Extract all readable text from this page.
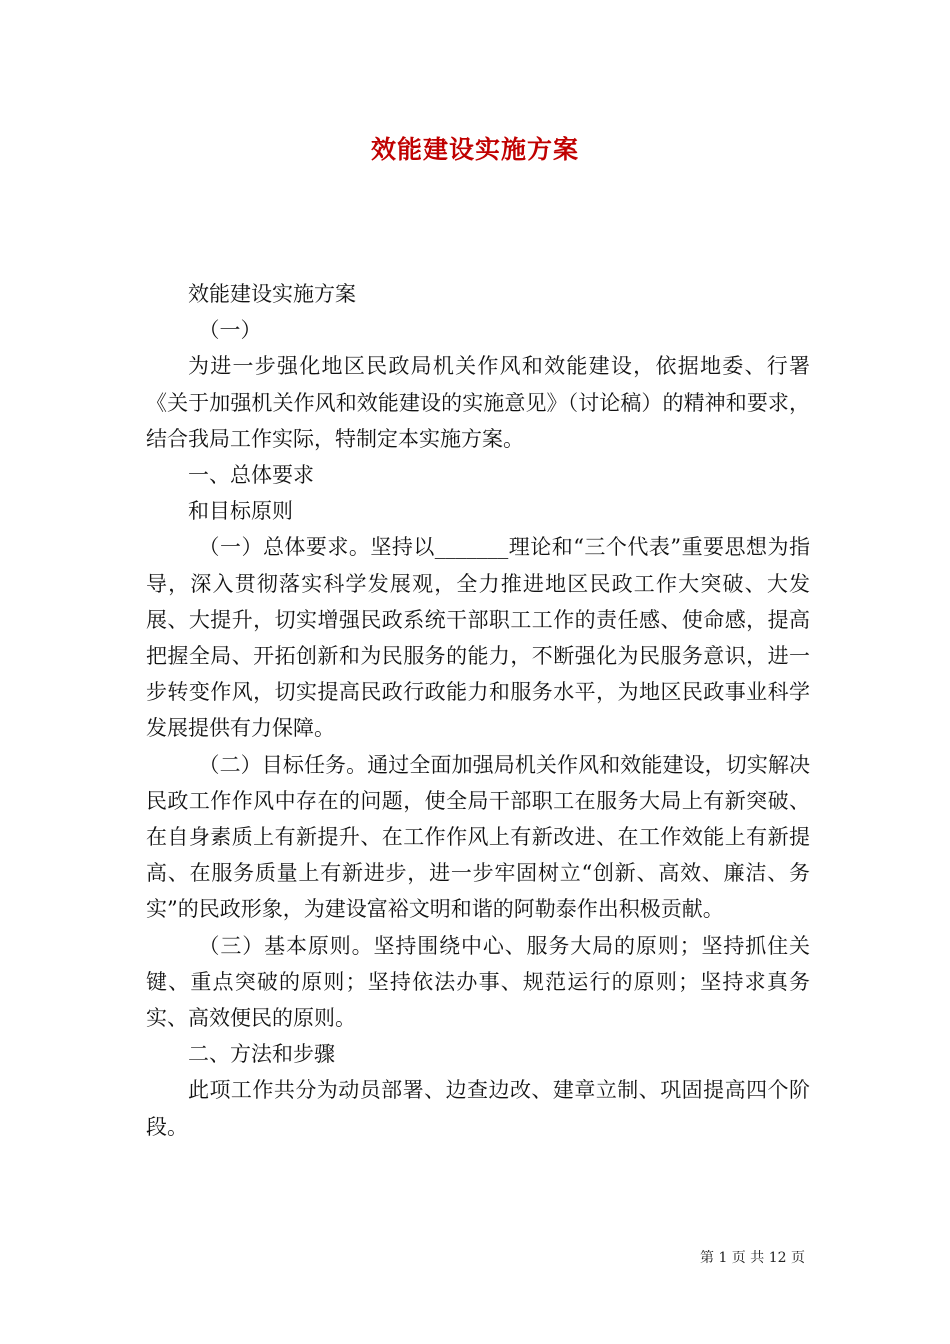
效能建设实施方案

效能建设实施方案

（一）

为进一步强化地区民政局机关作风和效能建设，依据地委、行署《关于加强机关作风和效能建设的实施意见》（讨论稿）的精神和要求，结合我局工作实际，特制定本实施方案。

一、总体要求

和目标原则

（一）总体要求。坚持以_______理论和“三个代表”重要思想为指导，深入贯彻落实科学发展观，全力推进地区民政工作大突破、大发展、大提升，切实增强民政系统干部职工工作的责任感、使命感，提高把握全局、开拓创新和为民服务的能力，不断强化为民服务意识，进一步转变作风，切实提高民政行政能力和服务水平，为地区民政事业科学发展提供有力保障。

（二）目标任务。通过全面加强局机关作风和效能建设，切实解决民政工作作风中存在的问题，使全局干部职工在服务大局上有新突破、在自身素质上有新提升、在工作作风上有新改进、在工作效能上有新提高、在服务质量上有新进步，进一步牢固树立“创新、高效、廉洁、务实”的民政形象，为建设富裕文明和谐的阿勒泰作出积极贡献。

（三）基本原则。坚持围绕中心、服务大局的原则；坚持抓住关键、重点突破的原则；坚持依法办事、规范运行的原则；坚持求真务实、高效便民的原则。

二、方法和步骤

此项工作共分为动员部署、边查边改、建章立制、巩固提高四个阶段。

第 1 页 共 12 页
